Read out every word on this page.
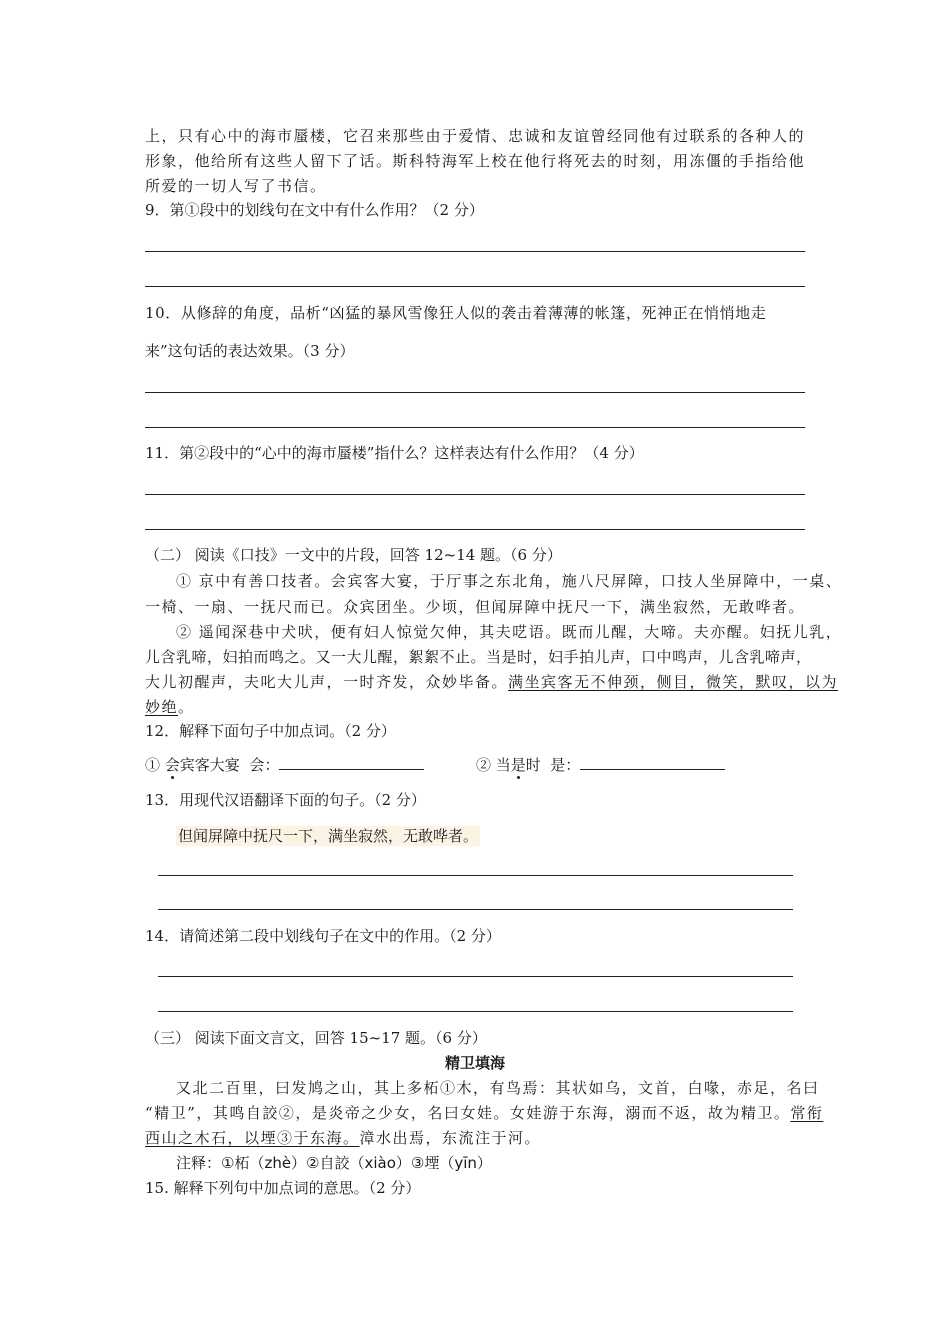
上，只有心中的海市蜃楼，它召来那些由于爱情、忠诚和友谊曾经同他有过联系的各种人的
形象，他给所有这些人留下了话。斯科特海军上校在他行将死去的时刻，用冻僵的手指给他
所爱的一切人写了书信。
9．第①段中的划线句在文中有什么作用？（2 分）
10．从修辞的角度，品析“凶猛的暴风雪像狂人似的袭击着薄薄的帐篷，死神正在悄悄地走
来”这句话的表达效果。（3 分）
11．第②段中的“心中的海市蜃楼”指什么？这样表达有什么作用？（4 分）
（二） 阅读《口技》一文中的片段，回答 12~14 题。（6 分）
① 京中有善口技者。会宾客大宴，于厅事之东北角，施八尺屏障，口技人坐屏障中，一桌、
一椅、一扇、一抚尺而已。众宾团坐。少顷，但闻屏障中抚尺一下，满坐寂然，无敢哗者。
② 遥闻深巷中犬吠，便有妇人惊觉欠伸，其夫呓语。既而儿醒，大啼。夫亦醒。妇抚儿乳，
儿含乳啼，妇拍而鸣之。又一大儿醒，絮絮不止。当是时，妇手拍儿声，口中鸣声，儿含乳啼声，
大儿初醒声，夫叱大儿声，一时齐发，众妙毕备。满坐宾客无不伸颈，侧目，微笑，默叹，以为
妙绝。
12．解释下面句子中加点词。（2 分）
① 会宾客大宴 会：	② 当是时 是：
13．用现代汉语翻译下面的句子。（2 分）
但闻屏障中抚尺一下，满坐寂然，无敢哗者。
14．请简述第二段中划线句子在文中的作用。（2 分）
（三） 阅读下面文言文，回答 15~17 题。（6 分）
精卫填海
又北二百里，曰发鸠之山，其上多柘①木，有鸟焉：其状如乌，文首，白喙，赤足，名曰
“精卫”，其鸣自詨②，是炎帝之少女，名曰女娃。女娃游于东海，溺而不返，故为精卫。常衔
西山之木石，以堙③于东海。漳水出焉，东流注于河。
注释：①柘（zhè）②自詨（xiào）③堙（yīn）
15. 解释下列句中加点词的意思。（2 分）
